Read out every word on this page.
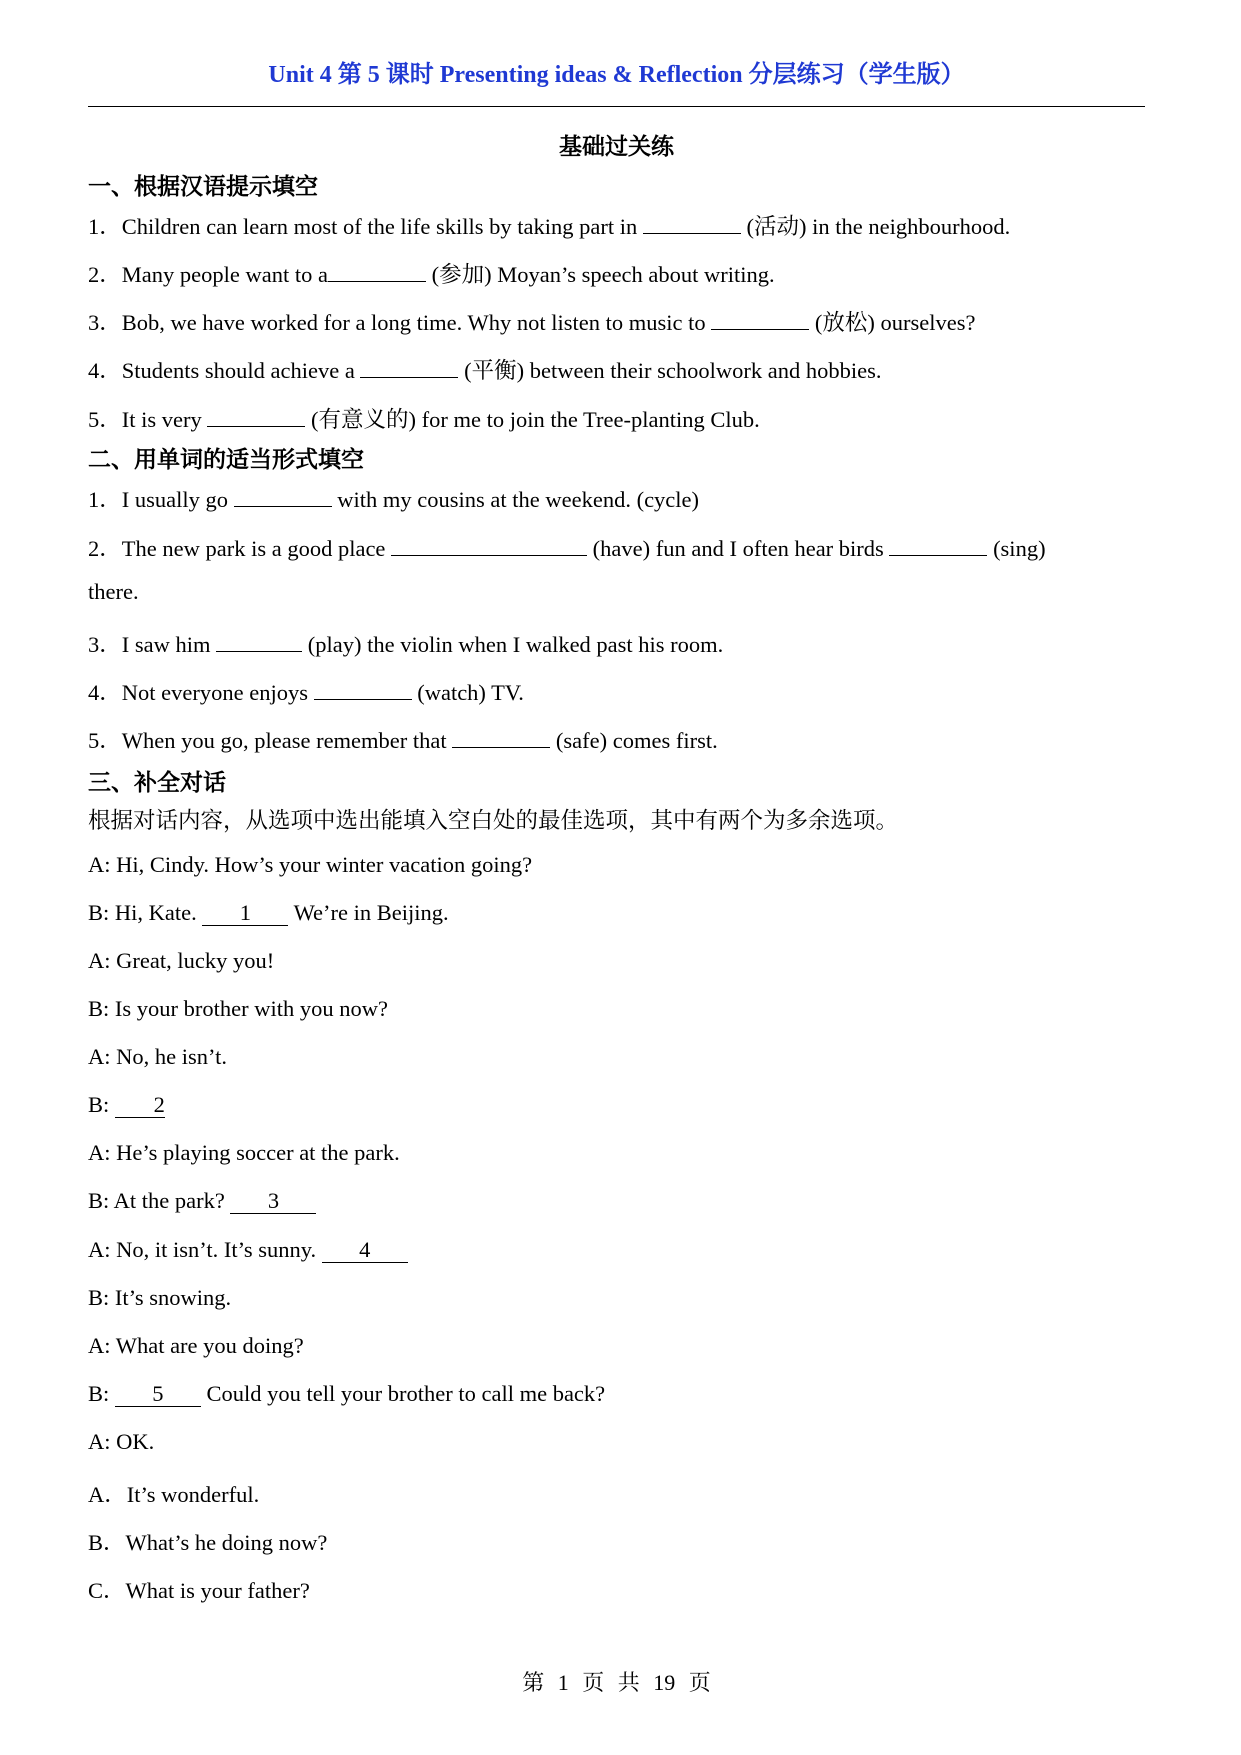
Unit 4 第 5 课时 Presenting ideas & Reflection 分层练习（学生版）
基础过关练
一、根据汉语提示填空
1．Children can learn most of the life skills by taking part in	(活动) in the neighbourhood.
2．Many people want to a	(参加) Moyan’s speech about writing.
3．Bob, we have worked for a long time. Why not listen to music to	(放松) ourselves?
4．Students should achieve a	(平衡) between their schoolwork and hobbies.
5．It is very	(有意义的) for me to join the Tree-planting Club.
二、用单词的适当形式填空
1．I usually go	with my cousins at the weekend. (cycle)
2．The new park is a good place	(have) fun and I often hear birds	(sing)
there.
3．I saw him	(play) the violin when I walked past his room.
4．Not everyone enjoys	(watch) TV.
5．When you go, please remember that	(safe) comes first.
三、补全对话
根据对话内容，从选项中选出能填入空白处的最佳选项，其中有两个为多余选项。
A: Hi, Cindy. How’s your winter vacation going?
B: Hi, Kate. 1 We’re in Beijing.
A: Great, lucky you!
B: Is your brother with you now?
A: No, he isn’t.
B: 2
A: He’s playing soccer at the park.
B: At the park? 3
A: No, it isn’t. It’s sunny. 4
B: It’s snowing.
A: What are you doing?
B: 5 Could you tell your brother to call me back?
A: OK.
A．It’s wonderful.
B．What’s he doing now?
C．What is your father?
第 1 页 共 19 页
